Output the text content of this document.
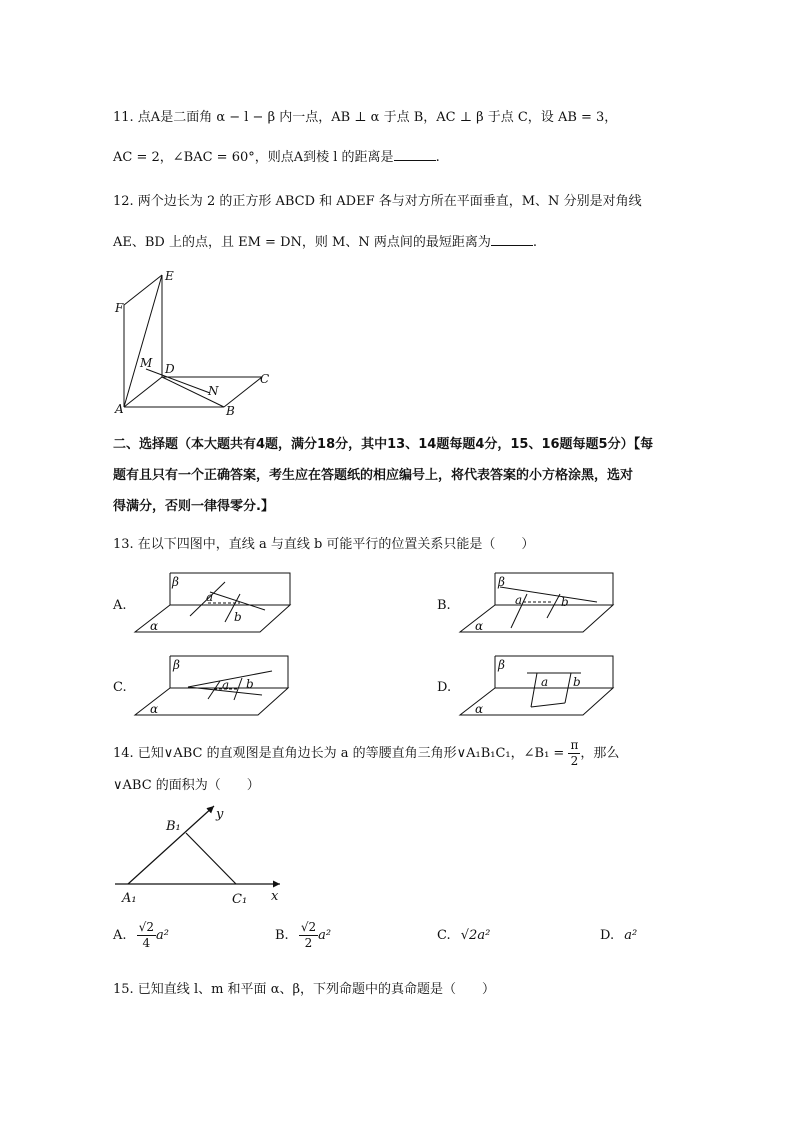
11. 点A是二面角 α − l − β 内一点，AB ⊥ α 于点 B，AC ⊥ β 于点 C，设 AB = 3，
AC = 2，∠BAC = 60°，则点A到棱 l 的距离是	.
12. 两个边长为 2 的正方形 ABCD 和 ADEF 各与对方所在平面垂直，M、N 分别是对角线
AE、BD 上的点，且 EM = DN，则 M、N 两点间的最短距离为	.
E
F
M D
C
N
A	B
二、选择题（本大题共有4题，满分18分，其中13、14题每题4分，15、16题每题5分）【每
题有且只有一个正确答案，考生应在答题纸的相应编号上，将代表答案的小方格涂黑，选对
得满分，否则一律得零分.】
13. 在以下四图中，直线 a 与直线 b 可能平行的位置关系只能是（　　）
A.
β
α
a
b
B.
β
α
a	b
C.
β
α
a b	D.
β
α
a b
14. 已知∨ABC 的直观图是直角边长为 a 的等腰直角三角形∨A₁B₁C₁，∠B₁ = $\frac{\pi}{2}$ ，那么
∨ABC 的面积为（　　）
y
x
B₁
A₁	C₁
A. $\frac{√2}{4} a^2$	B. $\frac{√2}{2} a^2$	C. √2a²	D. a²
15. 已知直线 l、m 和平面 α、β，下列命题中的真命题是（　　）
